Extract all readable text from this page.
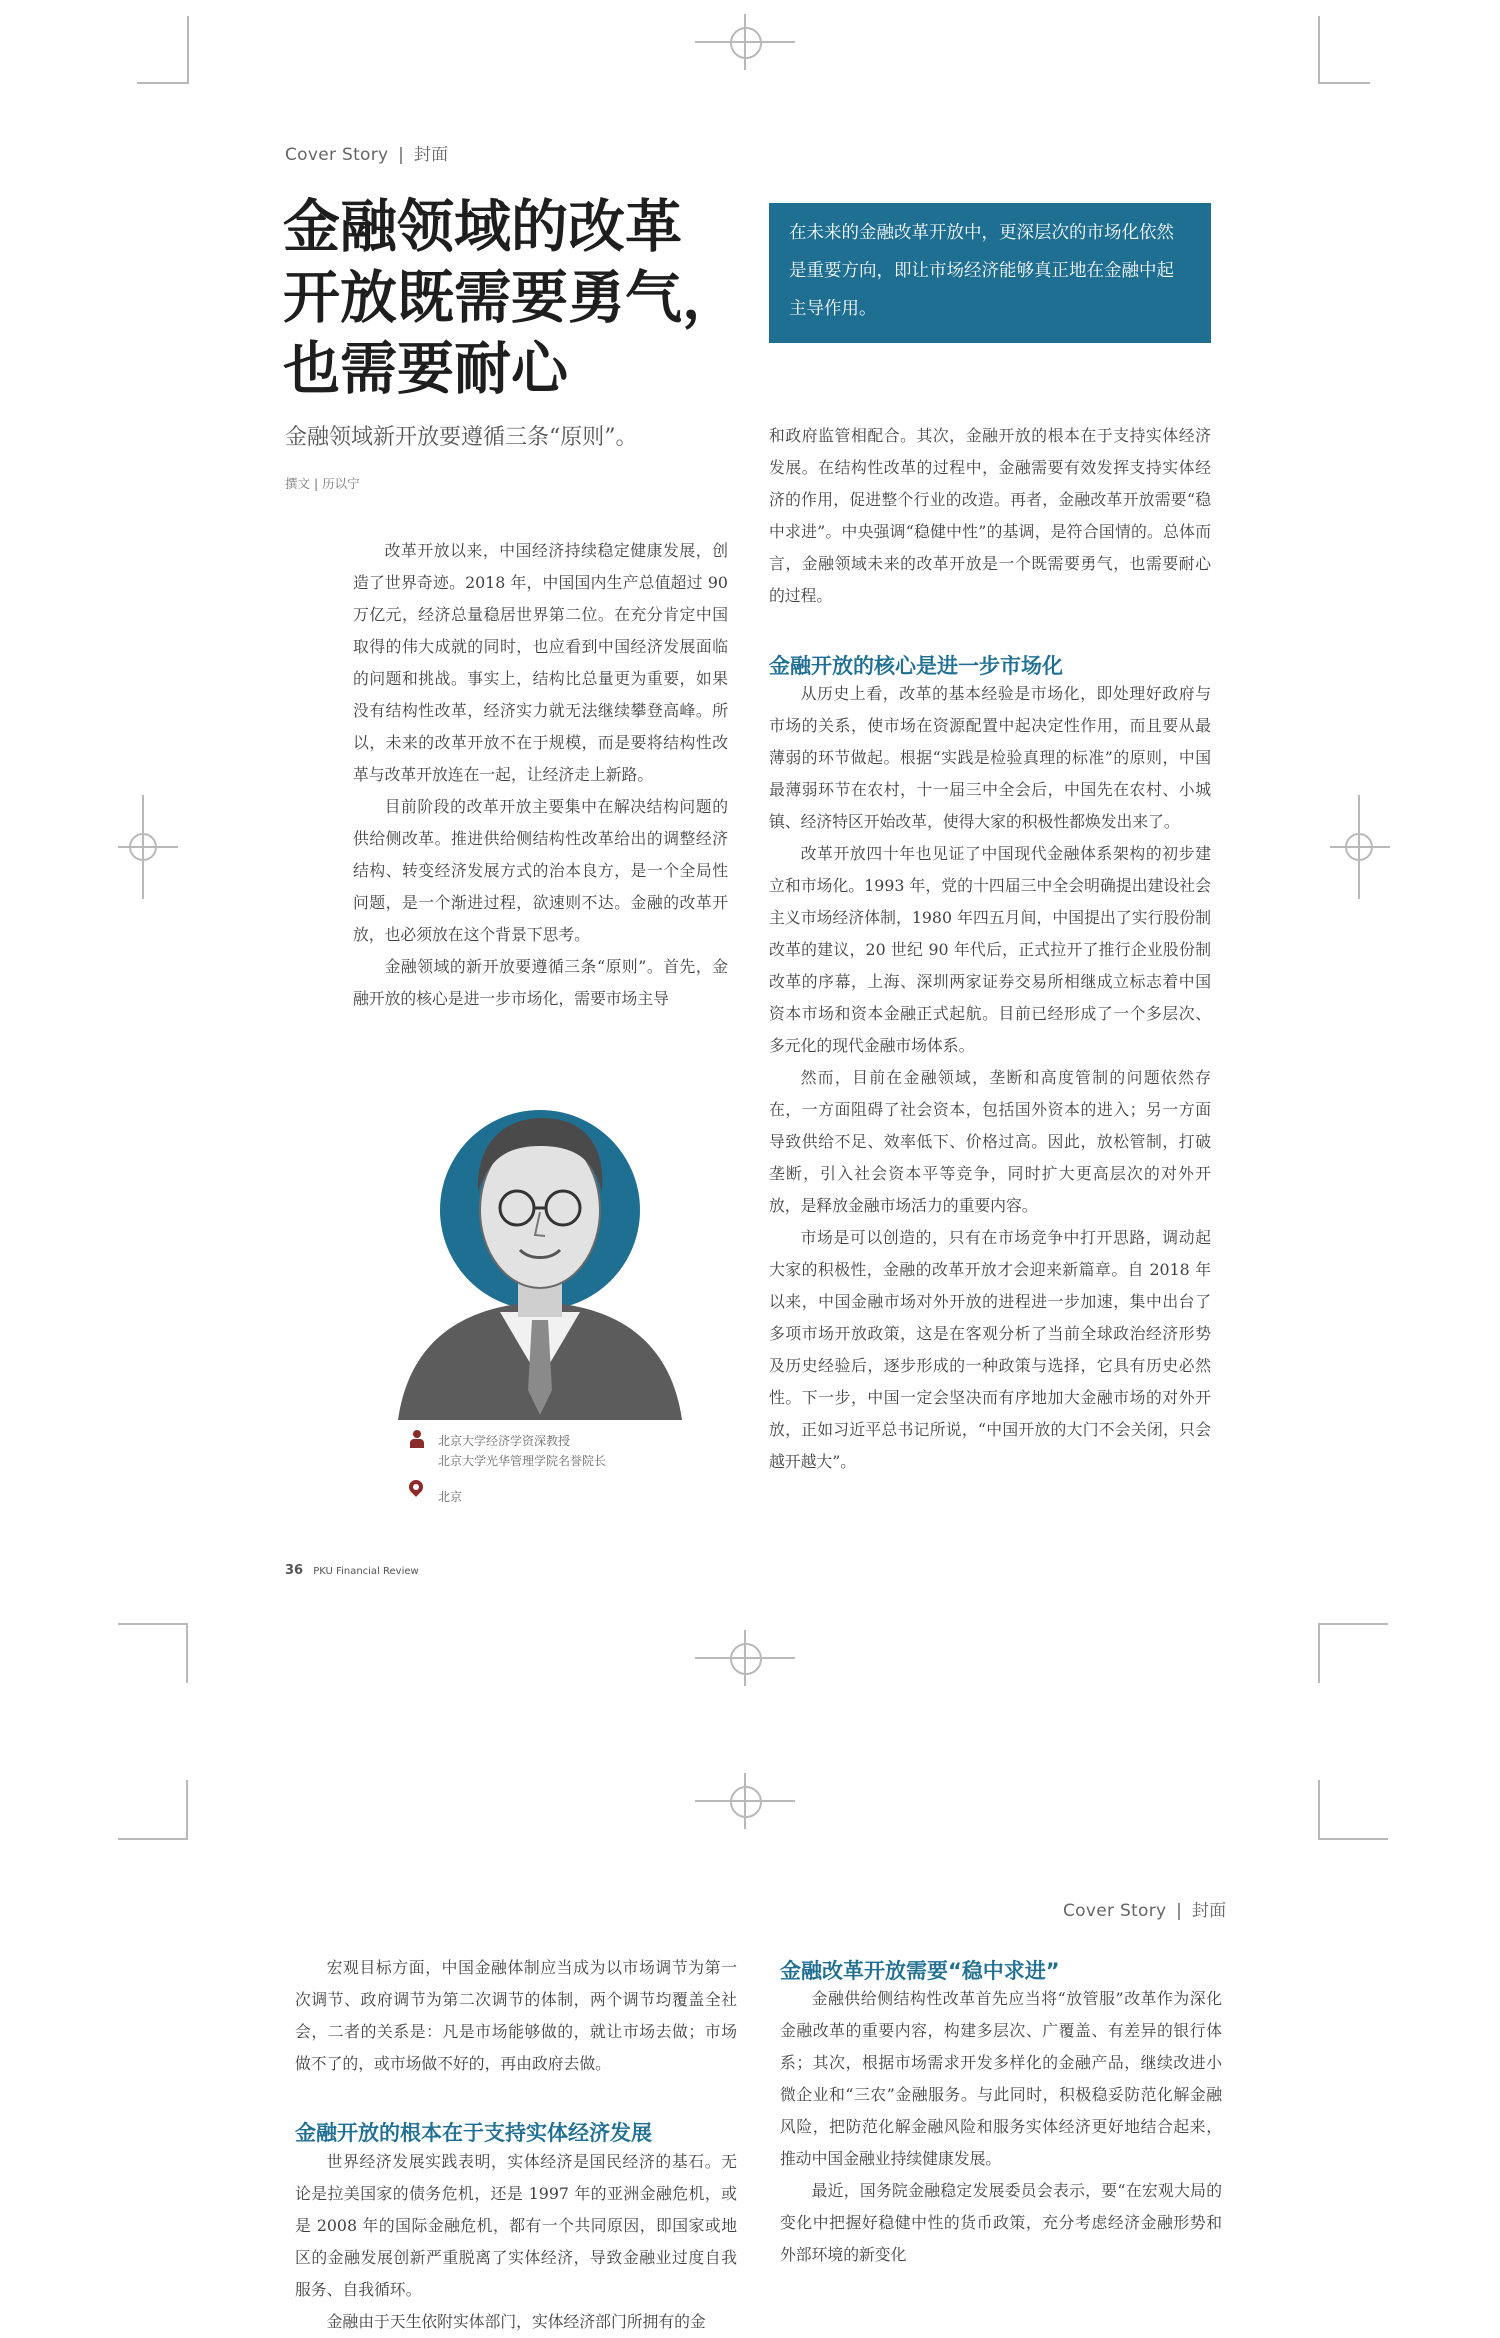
Cover Story | 封面
金融领域的改革
开放既需要勇气，
也需要耐心
在未来的金融改革开放中，更深层次的市场化依然是重要方向，即让市场经济能够真正地在金融中起主导作用。
金融领域新开放要遵循三条“原则”。
撰文 | 历以宁

改革开放以来，中国经济持续稳定健康发展，创造了世界奇迹。2018 年，中国国内生产总值超过 90 万亿元，经济总量稳居世界第二位。在充分肯定中国取得的伟大成就的同时，也应看到中国经济发展面临的问题和挑战。事实上，结构比总量更为重要，如果没有结构性改革，经济实力就无法继续攀登高峰。所以，未来的改革开放不在于规模，而是要将结构性改革与改革开放连在一起，让经济走上新路。

目前阶段的改革开放主要集中在解决结构问题的供给侧改革。推进供给侧结构性改革给出的调整经济结构、转变经济发展方式的治本良方，是一个全局性问题，是一个渐进过程，欲速则不达。金融的改革开放，也必须放在这个背景下思考。

金融领域的新开放要遵循三条“原则”。首先，金融开放的核心是进一步市场化，需要市场主导

北京大学经济学资深教授
北京大学光华管理学院名誉院长
北京

和政府监管相配合。其次，金融开放的根本在于支持实体经济发展。在结构性改革的过程中，金融需要有效发挥支持实体经济的作用，促进整个行业的改造。再者，金融改革开放需要“稳中求进”。中央强调“稳健中性”的基调，是符合国情的。总体而言，金融领域未来的改革开放是一个既需要勇气，也需要耐心的过程。

金融开放的核心是进一步市场化

从历史上看，改革的基本经验是市场化，即处理好政府与市场的关系，使市场在资源配置中起决定性作用，而且要从最薄弱的环节做起。根据“实践是检验真理的标准”的原则，中国最薄弱环节在农村，十一届三中全会后，中国先在农村、小城镇、经济特区开始改革，使得大家的积极性都焕发出来了。

改革开放四十年也见证了中国现代金融体系架构的初步建立和市场化。1993 年，党的十四届三中全会明确提出建设社会主义市场经济体制，1980 年四五月间，中国提出了实行股份制改革的建议，20 世纪 90 年代后，正式拉开了推行企业股份制改革的序幕，上海、深圳两家证券交易所相继成立标志着中国资本市场和资本金融正式起航。目前已经形成了一个多层次、多元化的现代金融市场体系。

然而，目前在金融领域，垄断和高度管制的问题依然存在，一方面阻碍了社会资本，包括国外资本的进入；另一方面导致供给不足、效率低下、价格过高。因此，放松管制，打破垄断，引入社会资本平等竞争，同时扩大更高层次的对外开放，是释放金融市场活力的重要内容。

市场是可以创造的，只有在市场竞争中打开思路，调动起大家的积极性，金融的改革开放才会迎来新篇章。自 2018 年以来，中国金融市场对外开放的进程进一步加速，集中出台了多项市场开放政策，这是在客观分析了当前全球政治经济形势及历史经验后，逐步形成的一种政策与选择，它具有历史必然性。下一步，中国一定会坚决而有序地加大金融市场的对外开放，正如习近平总书记所说，“中国开放的大门不会关闭，只会越开越大”。

36 PKU Financial Review
Cover Story | 封面

宏观目标方面，中国金融体制应当成为以市场调节为第一次调节、政府调节为第二次调节的体制，两个调节均覆盖全社会，二者的关系是：凡是市场能够做的，就让市场去做；市场做不了的，或市场做不好的，再由政府去做。

金融开放的根本在于支持实体经济发展

世界经济发展实践表明，实体经济是国民经济的基石。无论是拉美国家的债务危机，还是 1997 年的亚洲金融危机，或是 2008 年的国际金融危机，都有一个共同原因，即国家或地区的金融发展创新严重脱离了实体经济，导致金融业过度自我服务、自我循环。

金融由于天生依附实体部门，实体经济部门所拥有的金

金融改革开放需要“稳中求进”

金融供给侧结构性改革首先应当将“放管服”改革作为深化金融改革的重要内容，构建多层次、广覆盖、有差异的银行体系；其次，根据市场需求开发多样化的金融产品，继续改进小微企业和“三农”金融服务。与此同时，积极稳妥防范化解金融风险，把防范化解金融风险和服务实体经济更好地结合起来，推动中国金融业持续健康发展。

最近，国务院金融稳定发展委员会表示，要“在宏观大局的变化中把握好稳健中性的货币政策，充分考虑经济金融形势和外部环境的新变化
